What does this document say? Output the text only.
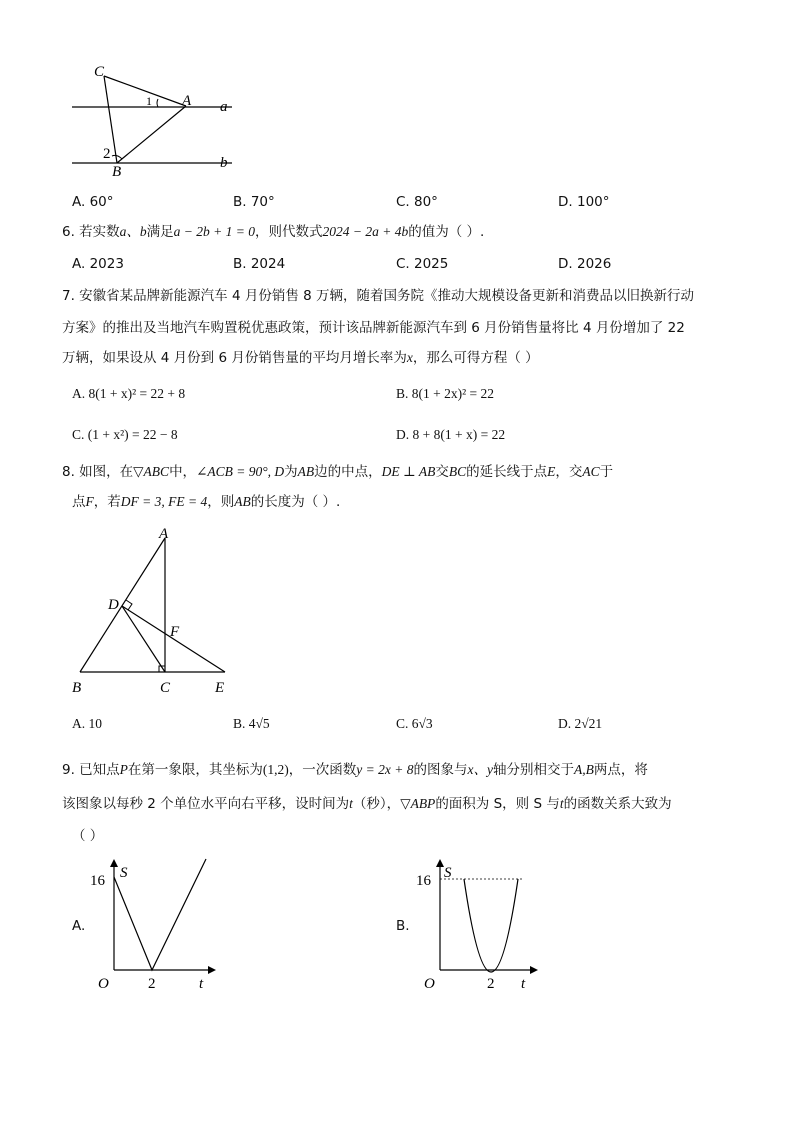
C
A a
B
b
1
2
A. 60°	B. 70°	C. 80°	D. 100°
6. 若实数a、b满足a − 2b + 1 = 0，则代数式2024 − 2a + 4b的值为（ ）.
A. 2023	B. 2024	C. 2025	D. 2026
7. 安徽省某品牌新能源汽车 4 月份销售 8 万辆，随着国务院《推动大规模设备更新和消费品以旧换新行动
方案》的推出及当地汽车购置税优惠政策，预计该品牌新能源汽车到 6 月份销售量将比 4 月份增加了 22
万辆，如果设从 4 月份到 6 月份销售量的平均月增长率为x，那么可得方程（ ）
A. 8(1 + x)² = 22 + 8	B. 8(1 + 2x)² = 22
C. (1 + x²) = 22 − 8	D. 8 + 8(1 + x) = 22
8. 如图，在▽ABC中，∠ACB = 90°, D为AB边的中点，DE ⊥ AB交BC的延长线于点E，交AC于
点F，若DF = 3, FE = 4，则AB的长度为（ ）.
A
D
F
B	C	E
A. 10	B. 4√5	C. 6√3	D. 2√21
9. 已知点P在第一象限，其坐标为(1,2)，一次函数y = 2x + 8的图象与x、y轴分别相交于A,B两点，将
该图象以每秒 2 个单位水平向右平移，设时间为t（秒），▽ABP的面积为 S，则 S 与t的函数关系大致为
（ ）
A.
16 S
2	t
O
B.
16 S
2 t
O
